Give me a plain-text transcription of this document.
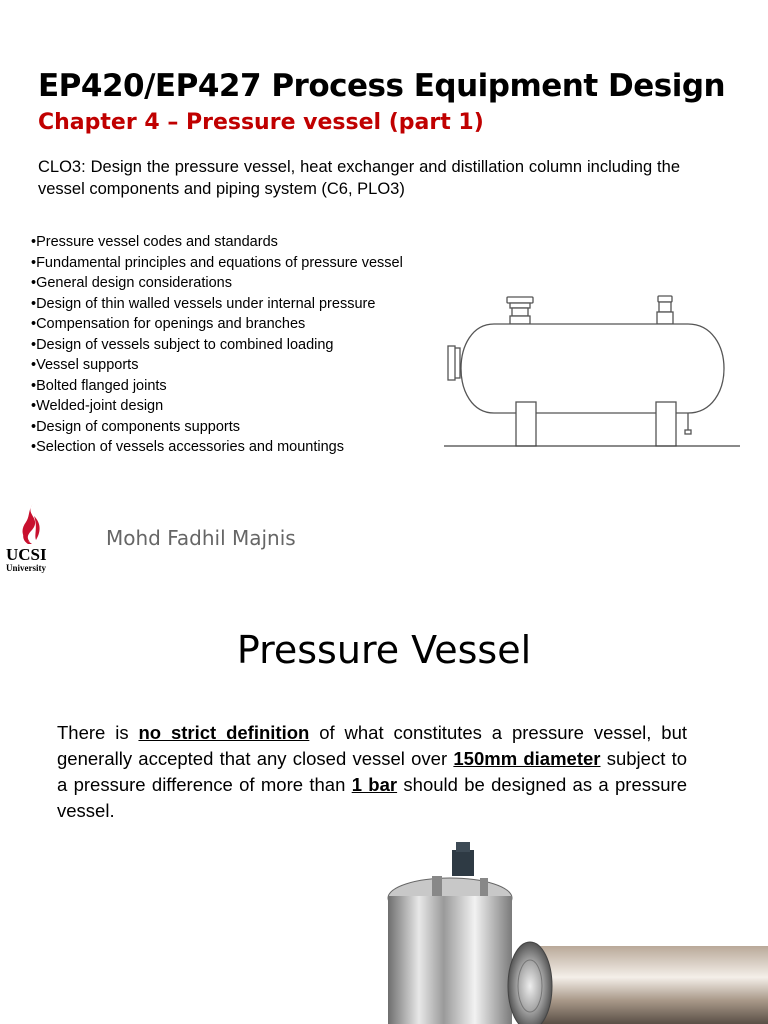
EP420/EP427 Process Equipment Design
Chapter 4 – Pressure vessel (part 1)
CLO3: Design the pressure vessel, heat exchanger and distillation column including the vessel components and piping system (C6, PLO3)
• Pressure vessel codes and standards
• Fundamental principles and equations of pressure vessel
• General design considerations
• Design of thin walled vessels under internal pressure
• Compensation for openings and branches
• Design of vessels subject to combined loading
• Vessel supports
• Bolted flanged joints
• Welded-joint design
• Design of components supports
• Selection of vessels accessories and mountings
UCSI
University
Mohd Fadhil Majnis
Pressure Vessel
There is no strict definition of what constitutes a pressure vessel, but generally accepted that any closed vessel over 150mm diameter subject to a pressure difference of more than 1 bar should be designed as a pressure vessel.
